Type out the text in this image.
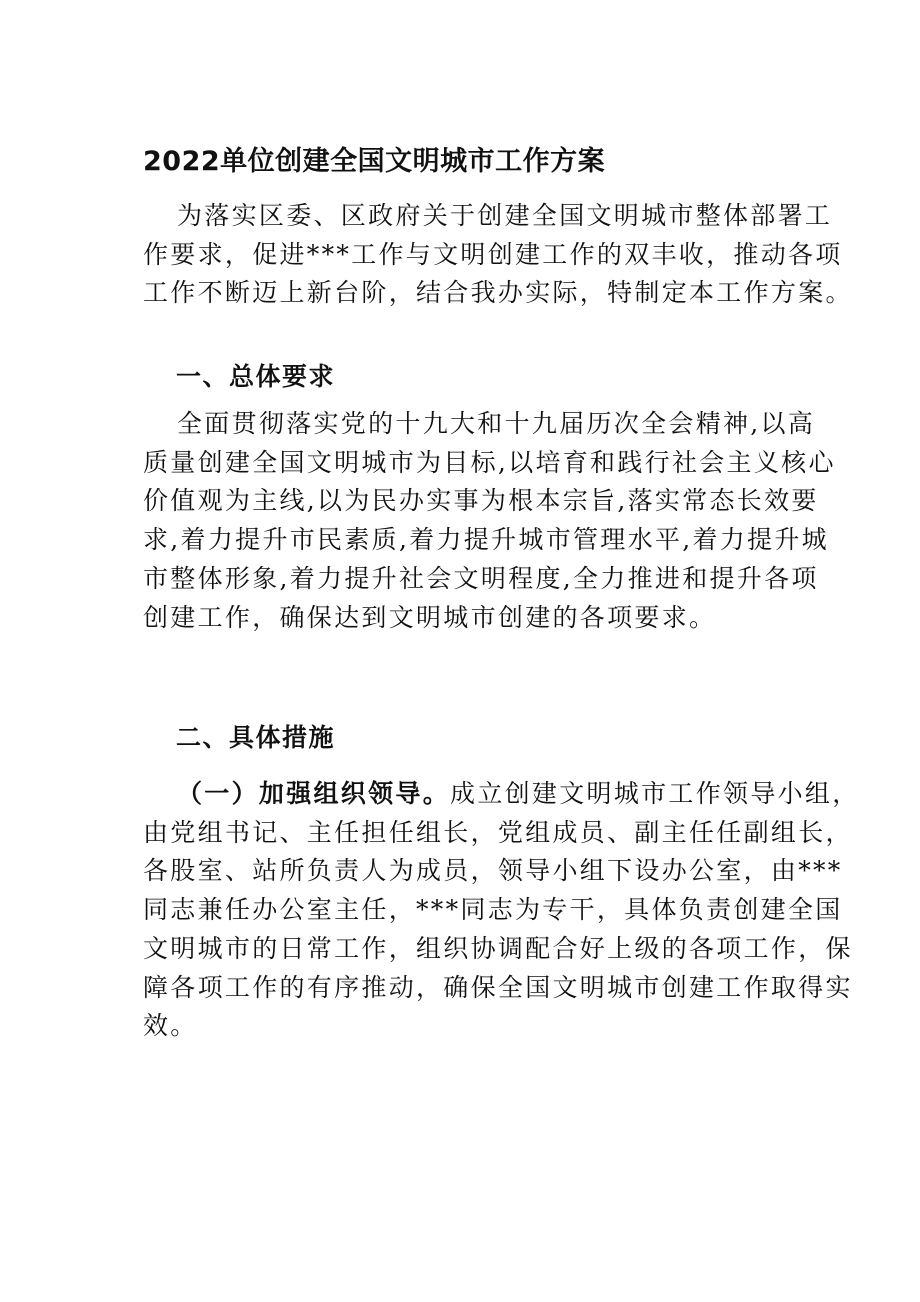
2022单位创建全国文明城市工作方案
为落实区委、区政府关于创建全国文明城市整体部署工
作要求，促进***工作与文明创建工作的双丰收，推动各项
工作不断迈上新台阶，结合我办实际，特制定本工作方案。
一、总体要求
全面贯彻落实党的十九大和十九届历次全会精神,以高
质量创建全国文明城市为目标,以培育和践行社会主义核心
价值观为主线,以为民办实事为根本宗旨,落实常态长效要
求,着力提升市民素质,着力提升城市管理水平,着力提升城
市整体形象,着力提升社会文明程度,全力推进和提升各项
创建工作，确保达到文明城市创建的各项要求。
二、具体措施
（一）加强组织领导。成立创建文明城市工作领导小组，
由党组书记、主任担任组长，党组成员、副主任任副组长，
各股室、站所负责人为成员，领导小组下设办公室，由***
同志兼任办公室主任，***同志为专干，具体负责创建全国
文明城市的日常工作，组织协调配合好上级的各项工作，保
障各项工作的有序推动，确保全国文明城市创建工作取得实
效。
